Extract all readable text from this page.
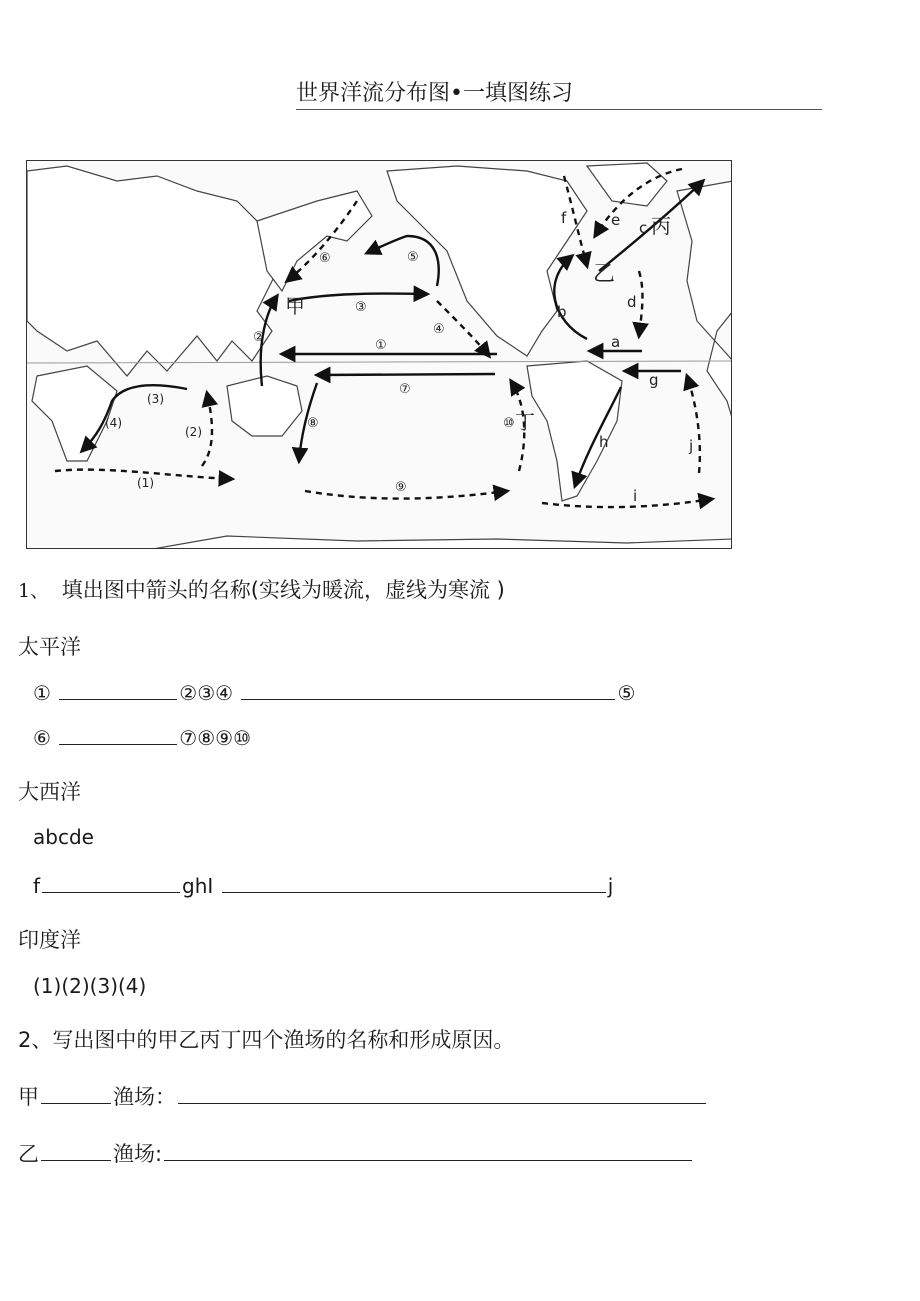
世界洋流分布图•一填图练习
①
②
③
④
⑤
⑥
⑦
⑧
⑨
⑩
a
b
c
d
e
f
g
h
i
j
(1)
(2)
(3)
(4)
甲
乙
丙
丁
1、 填出图中箭头的名称(实线为暖流，虚线为寒流 )
太平洋
①	②③④	⑤
⑥	⑦⑧⑨⑩
大西洋
abcde
f	ghI	j
印度洋
(1)(2)(3)(4)
2、写出图中的甲乙丙丁四个渔场的名称和形成原因。
甲	渔场：
乙	渔场:
